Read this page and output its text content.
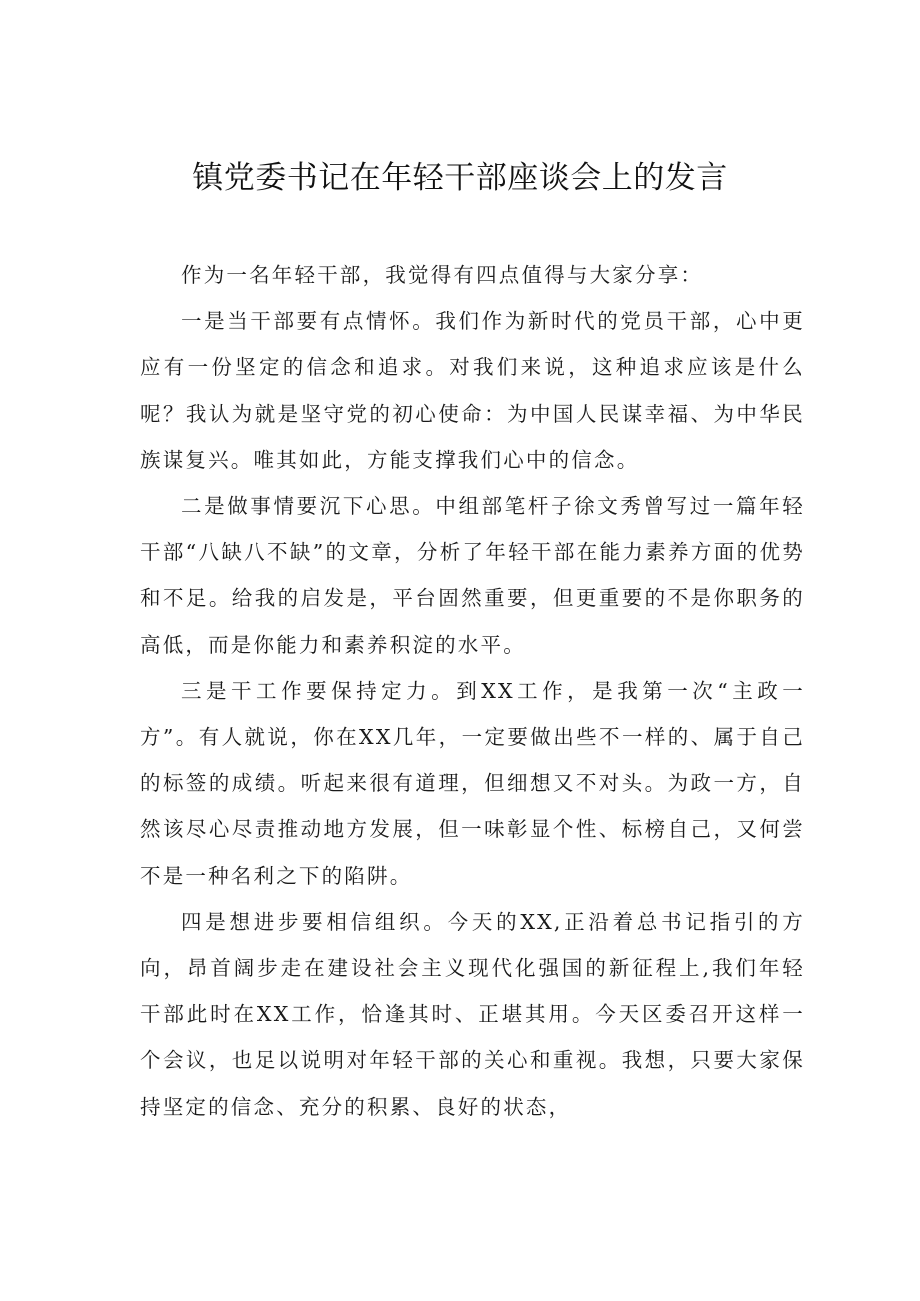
镇党委书记在年轻干部座谈会上的发言

作为一名年轻干部，我觉得有四点值得与大家分享：

一是当干部要有点情怀。我们作为新时代的党员干部，心中更应有一份坚定的信念和追求。对我们来说，这种追求应该是什么呢？我认为就是坚守党的初心使命：为中国人民谋幸福、为中华民族谋复兴。唯其如此，方能支撑我们心中的信念。

二是做事情要沉下心思。中组部笔杆子徐文秀曾写过一篇年轻干部“八缺八不缺”的文章，分析了年轻干部在能力素养方面的优势和不足。给我的启发是，平台固然重要，但更重要的不是你职务的高低，而是你能力和素养积淀的水平。

三是干工作要保持定力。到XX工作，是我第一次“主政一方”。有人就说，你在XX几年，一定要做出些不一样的、属于自己的标签的成绩。听起来很有道理，但细想又不对头。为政一方，自然该尽心尽责推动地方发展，但一味彰显个性、标榜自己，又何尝不是一种名利之下的陷阱。

四是想进步要相信组织。今天的XX,正沿着总书记指引的方向，昂首阔步走在建设社会主义现代化强国的新征程上,我们年轻干部此时在XX工作，恰逢其时、正堪其用。今天区委召开这样一个会议，也足以说明对年轻干部的关心和重视。我想，只要大家保持坚定的信念、充分的积累、良好的状态，
